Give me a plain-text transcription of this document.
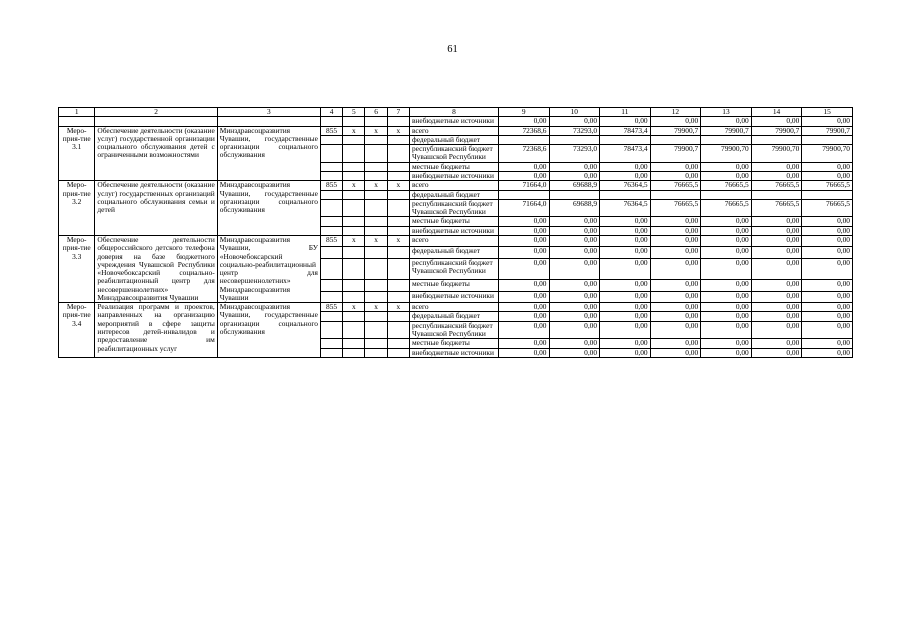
61
1	2	3	4	5	6	7	8	9	10	11	12	13	14	15
							внебюджетные источники	0,00	0,00	0,00	0,00	0,00	0,00	0,00
Меро-прия-тие 3.1	Обеспечение деятельности (оказание услуг) государственной организации социального обслуживания детей с ограниченными возможностями	Минздравсоцразвития Чувашии, государственные организации социального обслуживания	855	х	х	х	всего	72368,6	73293,0	78473,4	79900,7	79900,7	79900,7	79900,7
							федеральный бюджет							
							республиканский бюджет Чувашской Республики	72368,6	73293,0	78473,4	79900,7	79900,70	79900,70	79900,70
							местные бюджеты	0,00	0,00	0,00	0,00	0,00	0,00	0,00
							внебюджетные источники	0,00	0,00	0,00	0,00	0,00	0,00	0,00
Меро-прия-тие 3.2	Обеспечение деятельности (оказание услуг) государственных организаций социального обслуживания семьи и детей	Минздравсоцразвития Чувашии, государственные организации социального обслуживания	855	х	х	х	всего	71664,0	69688,9	76364,5	76665,5	76665,5	76665,5	76665,5
							федеральный бюджет							
							республиканский бюджет Чувашской Республики	71664,0	69688,9	76364,5	76665,5	76665,5	76665,5	76665,5
							местные бюджеты	0,00	0,00	0,00	0,00	0,00	0,00	0,00
							внебюджетные источники	0,00	0,00	0,00	0,00	0,00	0,00	0,00
Меро-прия-тие 3.3	Обеспечение деятельности общероссийского детского телефона доверия на базе бюджетного учреждения Чувашской Республики «Новочебоксарский социально-реабилитационный центр для несовершеннолетних» Минздравсоцразвития Чувашии	Минздравсоцразвития Чувашии, БУ «Новочебоксарский социально-реабилитационный центр для несовершеннолетних» Минздравсоцразвития Чувашии	855	х	х	х	всего	0,00	0,00	0,00	0,00	0,00	0,00	0,00
							федеральный бюджет	0,00	0,00	0,00	0,00	0,00	0,00	0,00
							республиканский бюджет Чувашской Республики	0,00	0,00	0,00	0,00	0,00	0,00	0,00
							местные бюджеты	0,00	0,00	0,00	0,00	0,00	0,00	0,00
							внебюджетные источники	0,00	0,00	0,00	0,00	0,00	0,00	0,00
Меро-прия-тие 3.4	Реализация программ и проектов, направленных на организацию мероприятий в сфере защиты интересов детей-инвалидов и предоставление им реабилитационных услуг	Минздравсоцразвития Чувашии, государственные организации социального обслуживания	855	х	х	х	всего	0,00	0,00	0,00	0,00	0,00	0,00	0,00
							федеральный бюджет	0,00	0,00	0,00	0,00	0,00	0,00	0,00
							республиканский бюджет Чувашской Республики	0,00	0,00	0,00	0,00	0,00	0,00	0,00
							местные бюджеты	0,00	0,00	0,00	0,00	0,00	0,00	0,00
							внебюджетные источники	0,00	0,00	0,00	0,00	0,00	0,00	0,00
